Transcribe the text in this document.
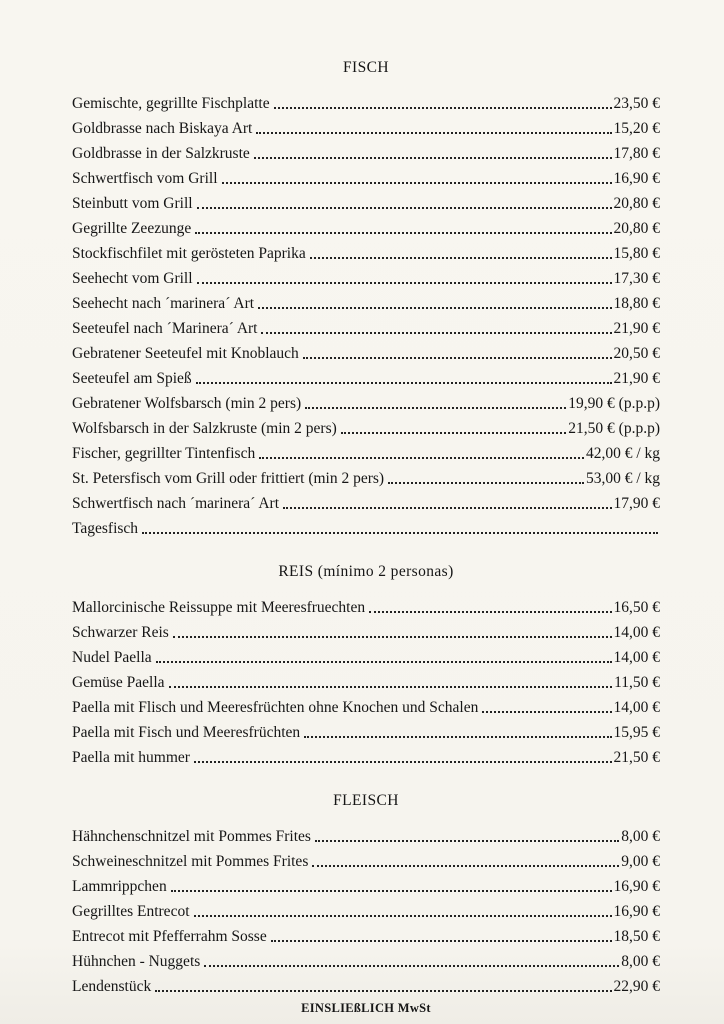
FISCH
Gemischte, gegrillte Fischplatte	23,50 €
Goldbrasse nach Biskaya Art	15,20 €
Goldbrasse in der Salzkruste	17,80 €
Schwertfisch vom Grill	16,90 €
Steinbutt vom Grill	20,80 €
Gegrillte Zeezunge	20,80 €
Stockfischfilet mit gerösteten Paprika	15,80 €
Seehecht vom Grill	17,30 €
Seehecht nach ´marinera´ Art	18,80 €
Seeteufel nach ´Marinera´ Art	21,90 €
Gebratener Seeteufel mit Knoblauch	20,50 €
Seeteufel am Spieß	21,90 €
Gebratener Wolfsbarsch (min 2 pers)	19,90 € (p.p.p)
Wolfsbarsch in der Salzkruste (min 2 pers)	21,50 € (p.p.p)
Fischer, gegrillter Tintenfisch	42,00 € / kg
St. Petersfisch vom Grill oder frittiert (min 2 pers)	53,00 € / kg
Schwertfisch nach ´marinera´ Art	17,90 €
Tagesfisch
REIS (mínimo 2 personas)
Mallorcinische Reissuppe mit Meeresfruechten	16,50 €
Schwarzer Reis	14,00 €
Nudel Paella	14,00 €
Gemüse Paella	11,50 €
Paella mit Flisch und Meeresfrüchten ohne Knochen und Schalen	14,00 €
Paella mit Fisch und Meeresfrüchten	15,95 €
Paella mit hummer	21,50 €
FLEISCH
Hähnchenschnitzel mit Pommes Frites	8,00 €
Schweineschnitzel mit Pommes Frites	9,00 €
Lammrippchen	16,90 €
Gegrilltes Entrecot	16,90 €
Entrecot mit Pfefferrahm Sosse	18,50 €
Hühnchen - Nuggets	8,00 €
Lendenstück	22,90 €
EINSLIEßLICH MwSt
